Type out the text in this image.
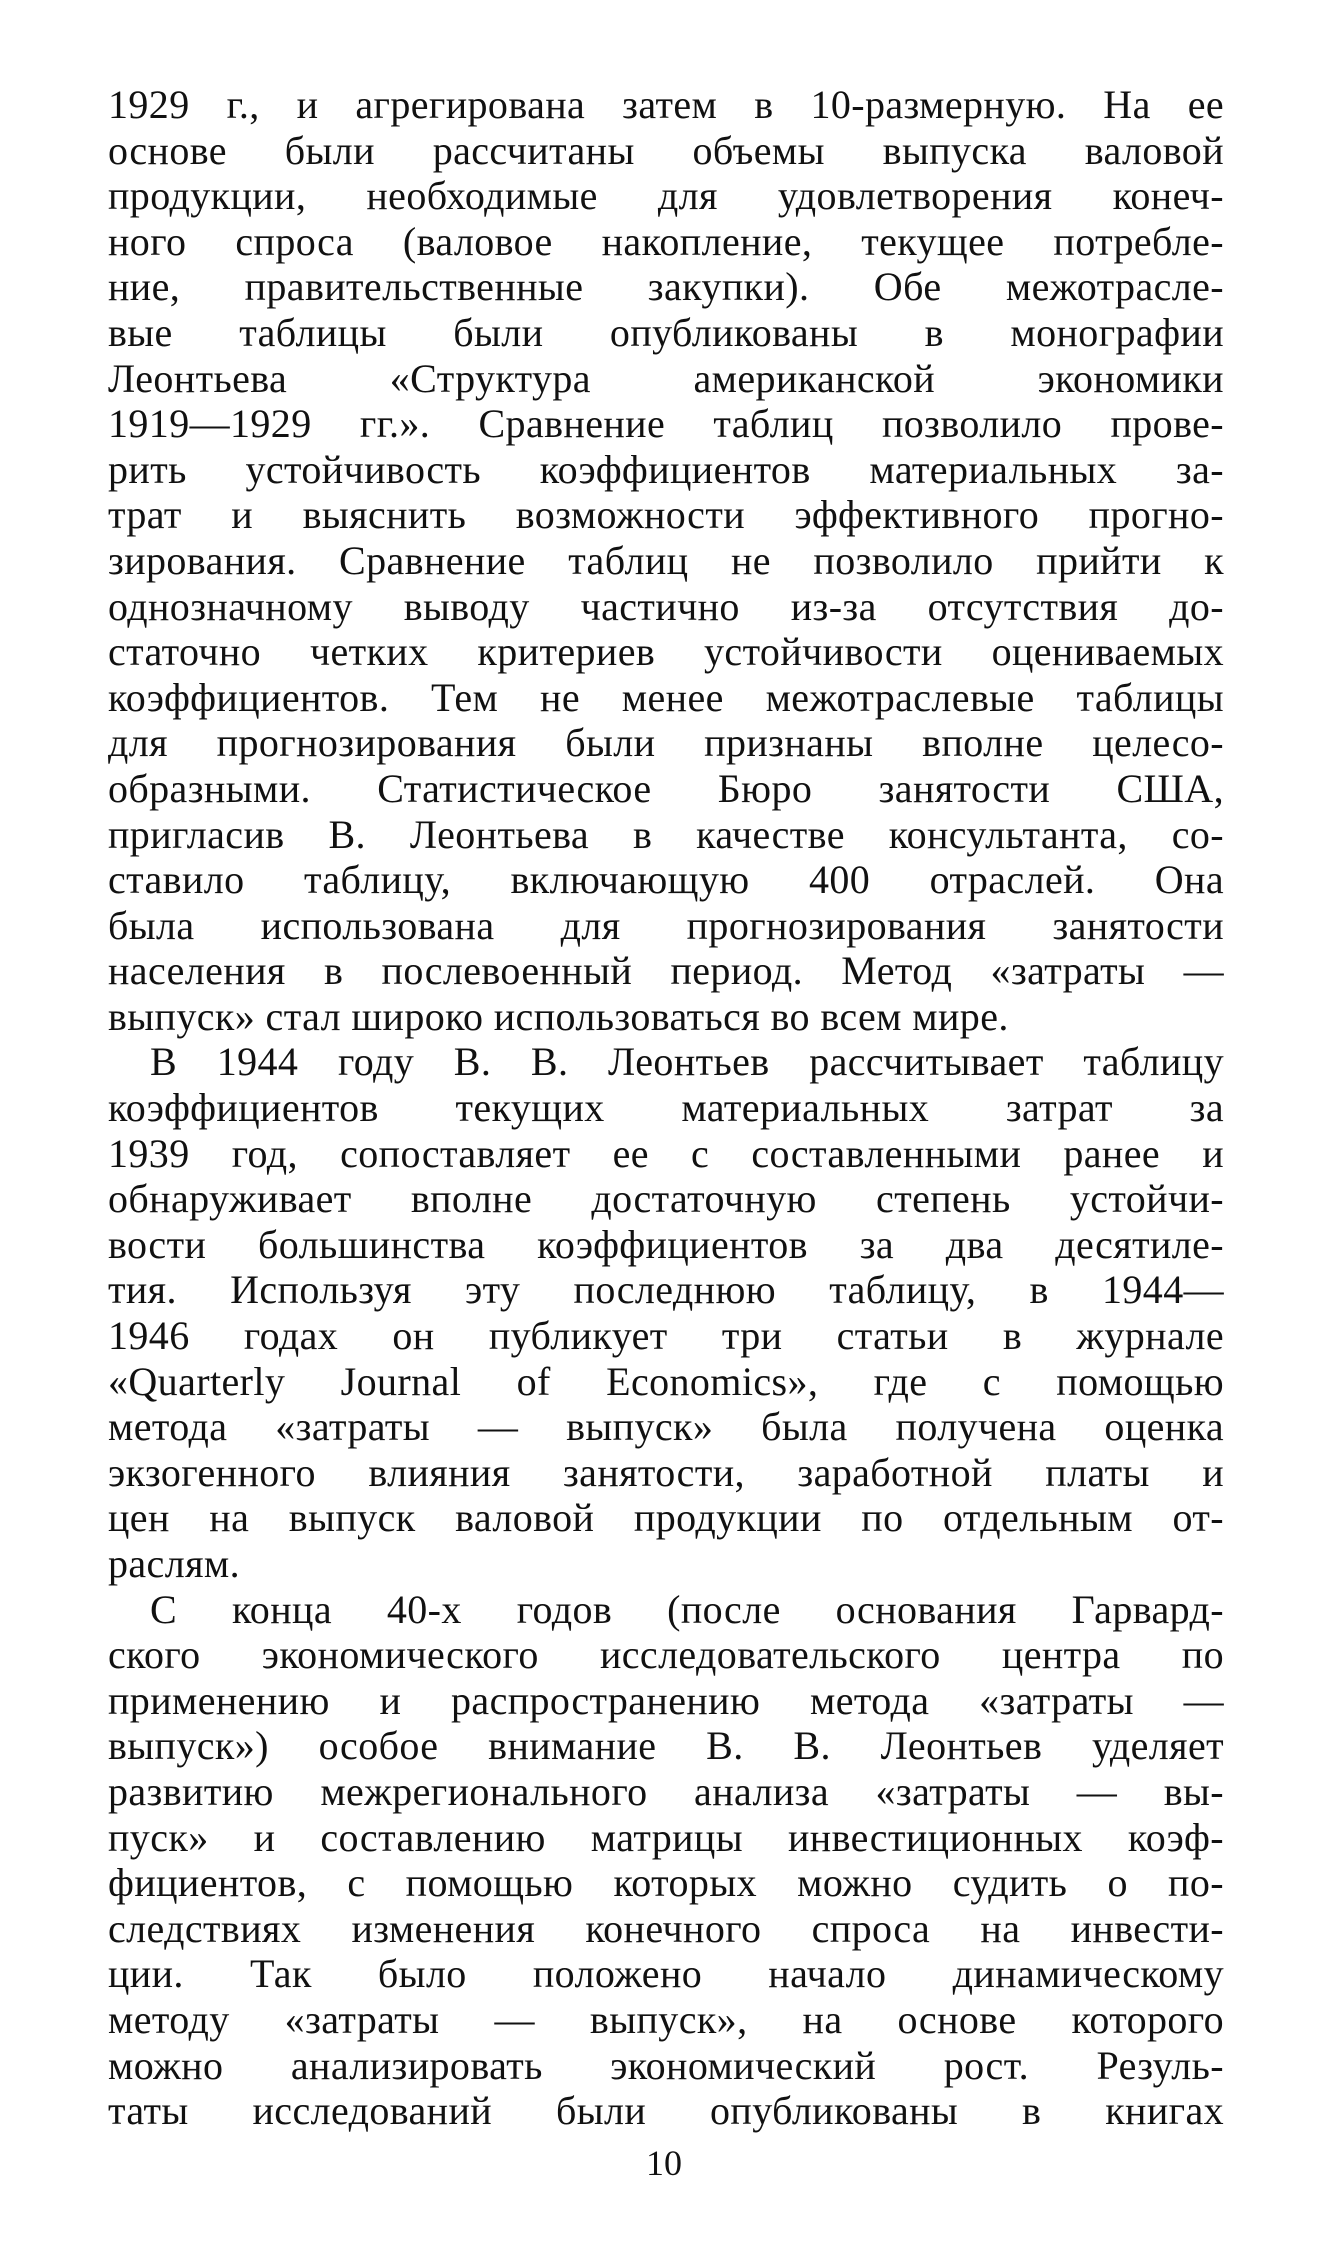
1929 г., и агрегирована затем в 10-размерную. На ее
основе были рассчитаны объемы выпуска валовой
продукции, необходимые для удовлетворения конеч-
ного спроса (валовое накопление, текущее потребле-
ние, правительственные закупки). Обе межотрасле-
вые таблицы были опубликованы в монографии
Леонтьева «Структура американской экономики
1919—1929 гг.». Сравнение таблиц позволило прове-
рить устойчивость коэффициентов материальных за-
трат и выяснить возможности эффективного прогно-
зирования. Сравнение таблиц не позволило прийти к
однозначному выводу частично из-за отсутствия до-
статочно четких критериев устойчивости оцениваемых
коэффициентов. Тем не менее межотраслевые таблицы
для прогнозирования были признаны вполне целесо-
образными. Статистическое Бюро занятости США,
пригласив В. Леонтьева в качестве консультанта, со-
ставило таблицу, включающую 400 отраслей. Она
была использована для прогнозирования занятости
населения в послевоенный период. Метод «затраты —
выпуск» стал широко использоваться во всем мире.
В 1944 году В. В. Леонтьев рассчитывает таблицу
коэффициентов текущих материальных затрат за
1939 год, сопоставляет ее с составленными ранее и
обнаруживает вполне достаточную степень устойчи-
вости большинства коэффициентов за два десятиле-
тия. Используя эту последнюю таблицу, в 1944—
1946 годах он публикует три статьи в журнале
«Quarterly Journal of Economics», где с помощью
метода «затраты — выпуск» была получена оценка
экзогенного влияния занятости, заработной платы и
цен на выпуск валовой продукции по отдельным от-
раслям.
С конца 40-х годов (после основания Гарвард-
ского экономического исследовательского центра по
применению и распространению метода «затраты —
выпуск») особое внимание В. В. Леонтьев уделяет
развитию межрегионального анализа «затраты — вы-
пуск» и составлению матрицы инвестиционных коэф-
фициентов, с помощью которых можно судить о по-
следствиях изменения конечного спроса на инвести-
ции. Так было положено начало динамическому
методу «затраты — выпуск», на основе которого
можно анализировать экономический рост. Резуль-
таты исследований были опубликованы в книгах
10
